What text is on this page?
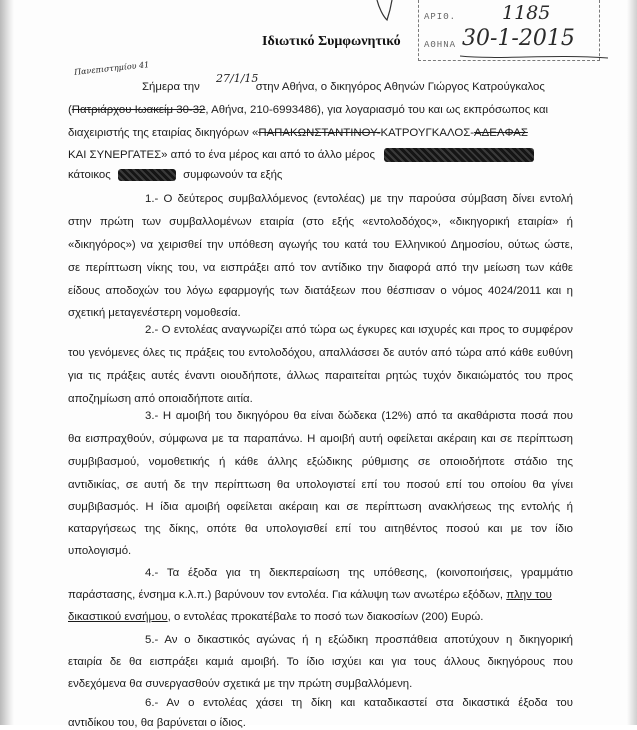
ΑΡΙΘ. 1185
ΑΘΗΝΑ 30-1-2015
Ιδιωτικό Συμφωνητικό
Πανεπιστημίου 41
27/1/15
Σήμερα την	στην Αθήνα, ο δικηγόρος Αθηνών Γιώργος Κατρούγκαλος
(Πατριάρχου Ιωακείμ 30-32, Αθήνα, 210-6993486), για λογαριασμό του και ως εκπρόσωπος και
διαχειριστής της εταιρίας δικηγόρων «ΠΑΠΑΚΩΝΣΤΑΝΤΙΝΟΥ-ΚΑΤΡΟΥΓΚΑΛΟΣ-ΑΔΕΛΦΑΣ
ΚΑΙ ΣΥΝΕΡΓΑΤΕΣ» από το ένα μέρος και από το άλλο μέρος
κάτοικος	συμφωνούν τα εξής
1.- Ο δεύτερος συμβαλλόμενος (εντολέας) με την παρούσα σύμβαση δίνει εντολή
στην πρώτη των συμβαλλομένων εταιρία (στο εξής «εντολοδόχος», «δικηγορική εταιρία» ή
«δικηγόρος») να χειρισθεί την υπόθεση αγωγής του κατά του Ελληνικού Δημοσίου, ούτως ώστε,
σε περίπτωση νίκης του, να εισπράξει από τον αντίδικο την διαφορά από την μείωση των κάθε
είδους αποδοχών του λόγω εφαρμογής των διατάξεων που θέσπισαν ο νόμος 4024/2011 και η
σχετική μεταγενέστερη νομοθεσία.
2.- Ο εντολέας αναγνωρίζει από τώρα ως έγκυρες και ισχυρές και προς το συμφέρον
του γενόμενες όλες τις πράξεις του εντολοδόχου, απαλλάσσει δε αυτόν από τώρα από κάθε ευθύνη
για τις πράξεις αυτές έναντι οιουδήποτε, άλλως παραιτείται ρητώς τυχόν δικαιώματός του προς
αποζημίωση από οποιαδήποτε αιτία.
3.- Η αμοιβή του δικηγόρου θα είναι δώδεκα (12%) από τα ακαθάριστα ποσά που
θα εισπραχθούν, σύμφωνα με τα παραπάνω. Η αμοιβή αυτή οφείλεται ακέραιη και σε περίπτωση
συμβιβασμού, νομοθετικής ή κάθε άλλης εξώδικης ρύθμισης σε οποιοδήποτε στάδιο της
αντιδικίας, σε αυτή δε την περίπτωση θα υπολογιστεί επί του ποσού επί του οποίου θα γίνει
συμβιβασμός. Η ίδια αμοιβή οφείλεται ακέραιη και σε περίπτωση ανακλήσεως της εντολής ή
καταργήσεως της δίκης, οπότε θα υπολογισθεί επί του αιτηθέντος ποσού και με τον ίδιο
υπολογισμό.
4.- Τα έξοδα για τη διεκπεραίωση της υπόθεσης, (κοινοποιήσεις, γραμμάτιο
παράστασης, ένσημα κ.λ.π.) βαρύνουν τον εντολέα. Για κάλυψη των ανωτέρω εξόδων, πλην του
δικαστικού ενσήμου, ο εντολέας προκατέβαλε το ποσό των διακοσίων (200) Ευρώ.
5.- Αν ο δικαστικός αγώνας ή η εξώδικη προσπάθεια αποτύχουν η δικηγορική
εταιρία δε θα εισπράξει καμιά αμοιβή. Το ίδιο ισχύει και για τους άλλους δικηγόρους που
ενδεχόμενα θα συνεργασθούν σχετικά με την πρώτη συμβαλλόμενη.
6.- Αν ο εντολέας χάσει τη δίκη και καταδικαστεί στα δικαστικά έξοδα του
αντιδίκου του, θα βαρύνεται ο ίδιος.
